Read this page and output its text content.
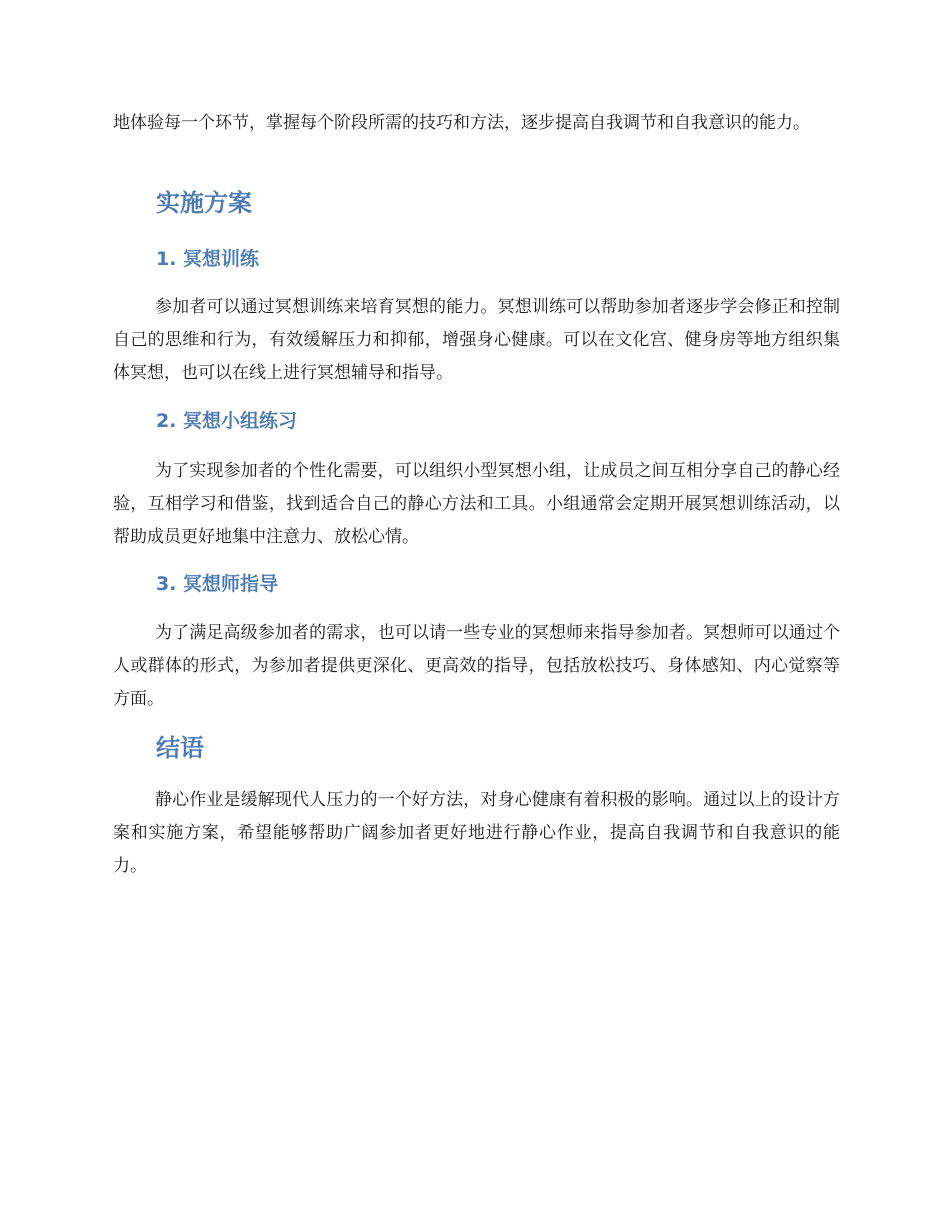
地体验每一个环节，掌握每个阶段所需的技巧和方法，逐步提高自我调节和自我意识的能力。

实施方案
1. 冥想训练

参加者可以通过冥想训练来培育冥想的能力。冥想训练可以帮助参加者逐步学会修正和控制自己的思维和行为，有效缓解压力和抑郁，增强身心健康。可以在文化宫、健身房等地方组织集体冥想，也可以在线上进行冥想辅导和指导。

2. 冥想小组练习

为了实现参加者的个性化需要，可以组织小型冥想小组，让成员之间互相分享自己的静心经验，互相学习和借鉴，找到适合自己的静心方法和工具。小组通常会定期开展冥想训练活动，以帮助成员更好地集中注意力、放松心情。

3. 冥想师指导

为了满足高级参加者的需求，也可以请一些专业的冥想师来指导参加者。冥想师可以通过个人或群体的形式，为参加者提供更深化、更高效的指导，包括放松技巧、身体感知、内心觉察等方面。

结语

静心作业是缓解现代人压力的一个好方法，对身心健康有着积极的影响。通过以上的设计方案和实施方案，希望能够帮助广阔参加者更好地进行静心作业，提高自我调节和自我意识的能力。
